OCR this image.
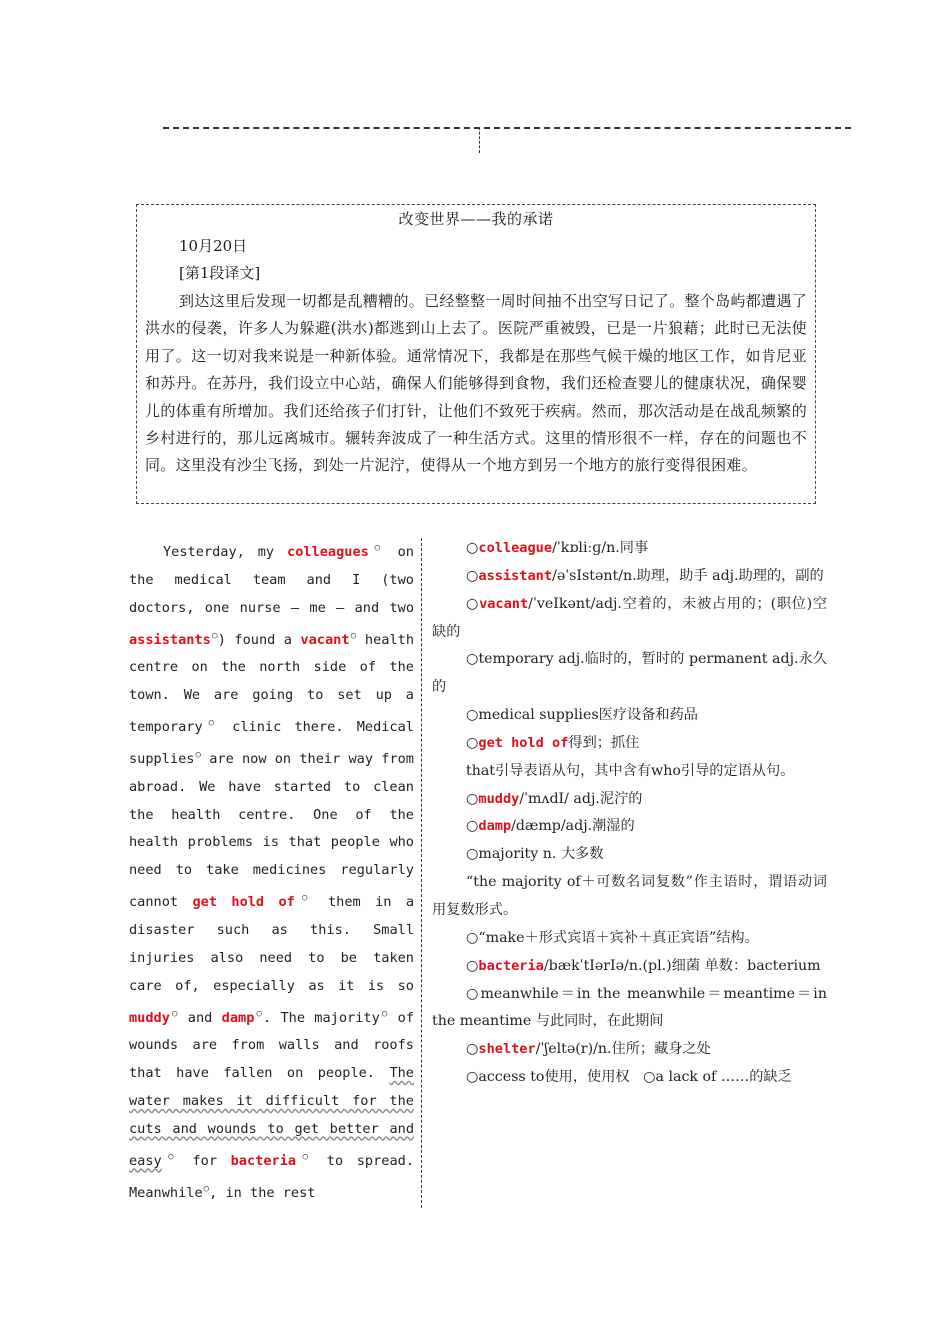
改变世界——我的承诺
10月20日
[第1段译文]
到达这里后发现一切都是乱糟糟的。已经整整一周时间抽不出空写日记了。整个岛屿都遭遇了洪水的侵袭，许多人为躲避(洪水)都逃到山上去了。医院严重被毁，已是一片狼藉；此时已无法使用了。这一切对我来说是一种新体验。通常情况下，我都是在那些气候干燥的地区工作，如肯尼亚和苏丹。在苏丹，我们设立中心站，确保人们能够得到食物，我们还检查婴儿的健康状况，确保婴儿的体重有所增加。我们还给孩子们打针，让他们不致死于疾病。然而，那次活动是在战乱频繁的乡村进行的，那儿远离城市。辗转奔波成了一种生活方式。这里的情形很不一样，存在的问题也不同。这里没有沙尘飞扬，到处一片泥泞，使得从一个地方到另一个地方的旅行变得很困难。

Yesterday, my colleagues○ on the medical team and I (two doctors, one nurse — me — and two assistants○) found a vacant○ health centre on the north side of the town. We are going to set up a temporary○ clinic there. Medical supplies○ are now on their way from abroad. We have started to clean the health centre. One of the health problems is that people who need to take medicines regularly cannot get hold of○ them in a disaster such as this. Small injuries also need to be taken care of, especially as it is so muddy○ and damp○. The majority○ of wounds are from walls and roofs that have fallen on people. The water makes it difficult for the cuts and wounds to get better and easy○ for bacteria○ to spread. Meanwhile○, in the rest

○colleague/ˈkɒliːɡ/n.同事

○assistant/əˈsIstənt/n.助理，助手 adj.助理的，副的

○vacant/ˈveIkənt/adj.空着的，未被占用的；(职位)空缺的

○temporary adj.临时的，暂时的 permanent adj.永久的

○medical supplies医疗设备和药品

○get hold of得到；抓住

that引导表语从句，其中含有who引导的定语从句。

○muddy/ˈmʌdI/ adj.泥泞的

○damp/dæmp/adj.潮湿的

○majority n. 大多数

“the majority of＋可数名词复数”作主语时，谓语动词用复数形式。

○“make＋形式宾语＋宾补＋真正宾语”结构。

○bacteria/bækˈtIərIə/n.(pl.)细菌 单数：bacterium

○meanwhile＝in the meanwhile＝meantime＝in the meantime 与此同时，在此期间

○shelter/ˈʃeltə(r)/n.住所；藏身之处

○access to使用，使用权 ○a lack of ……的缺乏
